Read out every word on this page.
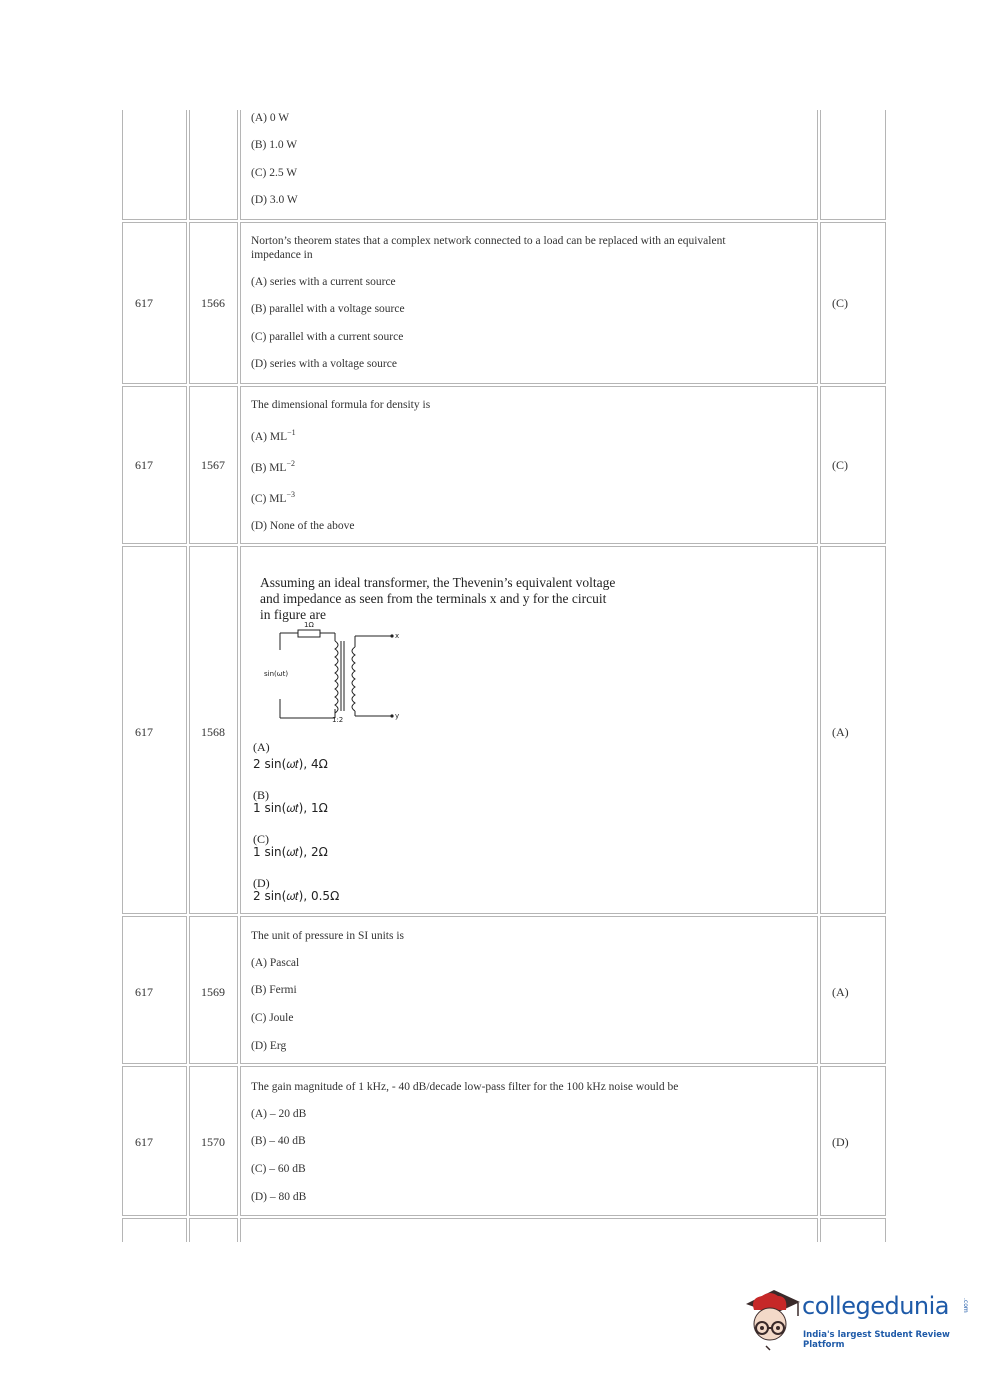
(A) 0 W
(B) 1.0 W
(C) 2.5 W
(D) 3.0 W
617	1566
Norton’s theorem states that a complex network connected to a load can be replaced with an equivalent impedance in
(A) series with a current source
(B) parallel with a voltage source
(C) parallel with a current source
(D) series with a voltage source
(C)
617	1567
The dimensional formula for density is
(A) $ML^{-1}$
(B) $ML^{-2}$
(C) $ML^{-3}$
(D) None of the above
(C)
617	1568
Assuming an ideal transformer, the Thevenin’s equivalent voltage and impedance as seen from the terminals x and y for the circuit in figure are
1Ω
sin(ωt)
1:2
x
y
(A)
2 sin(𝜔𝑡), 4Ω
(B)
1 sin(𝜔𝑡), 1Ω
(C)
1 sin(𝜔𝑡), 2Ω
(D)
2 sin(𝜔𝑡), 0.5Ω
(A)
617	1569
The unit of pressure in SI units is
(A) Pascal
(B) Fermi
(C) Joule
(D) Erg
(A)
617	1570
The gain magnitude of 1 kHz, - 40 dB/decade low-pass filter for the 100 kHz noise would be
(A) – 20 dB
(B) – 40 dB
(C) – 60 dB
(D) – 80 dB
(D)
collegedunia .com
India's largest Student Review Platform
